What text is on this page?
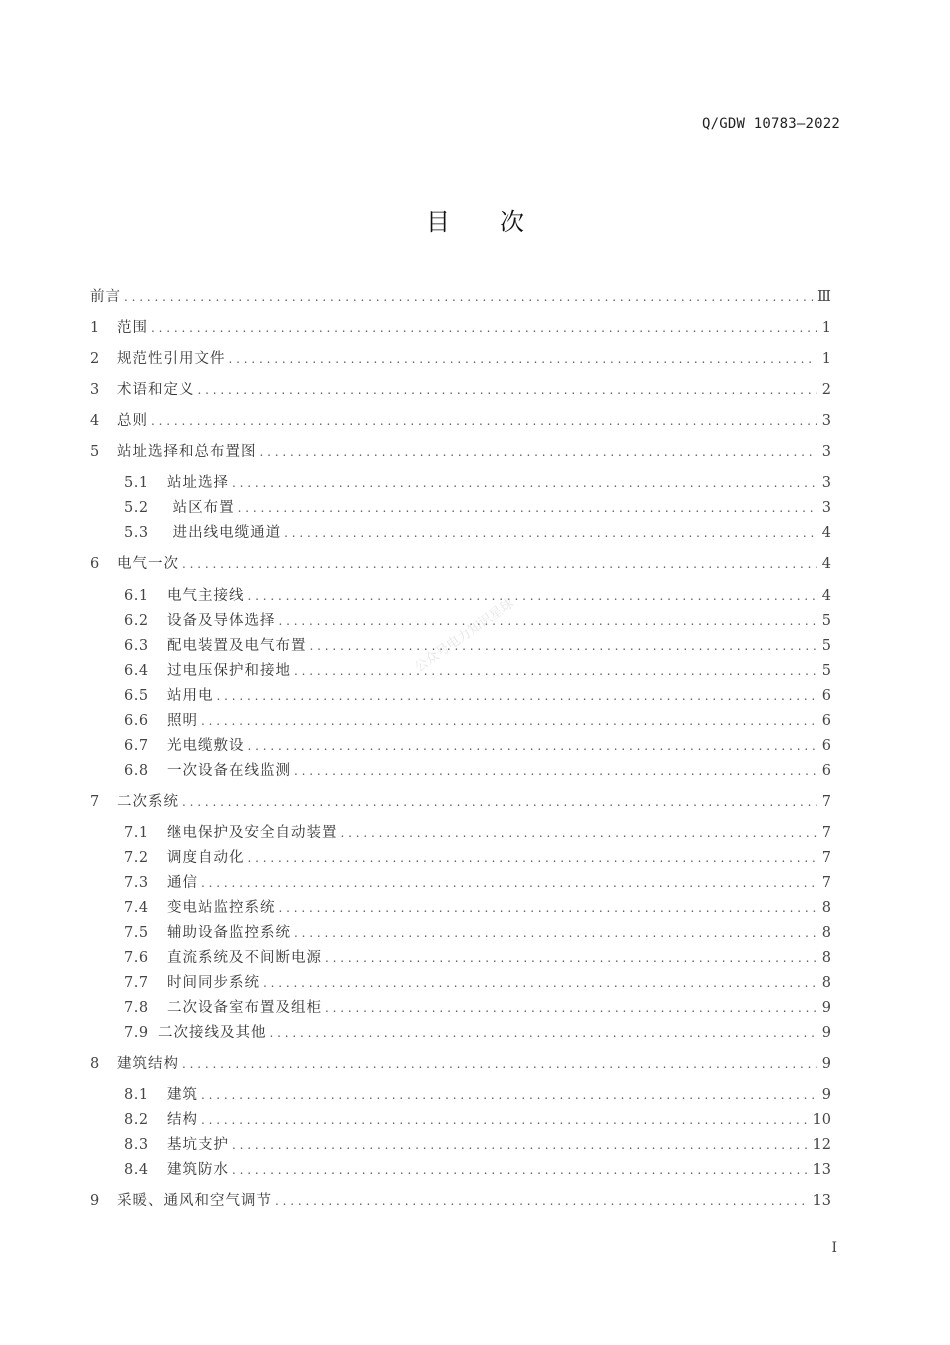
Q/GDW 10783—2022
目 次
前言 . . .	Ⅲ
1	范围 . . .	1
2	规范性引用文件 . . .	1
3	术语和定义 . . .	2
4	总则 . . .	3
5	站址选择和总布置图 . . .	3
5.1	站址选择 . . .	3
5.2	站区布置 . . .	3
5.3	进出线电缆通道 . . .	4
6	电气一次 . . .	4
6.1	电气主接线 . . .	4
6.2	设备及导体选择 . . .	5
6.3	配电装置及电气布置 . . .	5
6.4	过电压保护和接地 . . .	5
6.5	站用电 . . .	6
6.6	照明 . . .	6
6.7	光电缆敷设 . . .	6
6.8	一次设备在线监测 . . .	6
7	二次系统 . . .	7
7.1	继电保护及安全自动装置 . . .	7
7.2	调度自动化 . . .	7
7.3	通信 . . .	7
7.4	变电站监控系统 . . .	8
7.5	辅助设备监控系统 . . .	8
7.6	直流系统及不间断电源 . . .	8
7.7	时间同步系统 . . .	8
7.8	二次设备室布置及组柜 . . .	9
7.9 二次接线及其他 . . .	9
8	建筑结构 . . .	9
8.1	建筑 . . .	9
8.2	结构 . . .	10
8.3	基坑支护 . . .	12
8.4	建筑防水 . . .	13
9	采暖、通风和空气调节 . . .	13
公众号电力知识星球
I
